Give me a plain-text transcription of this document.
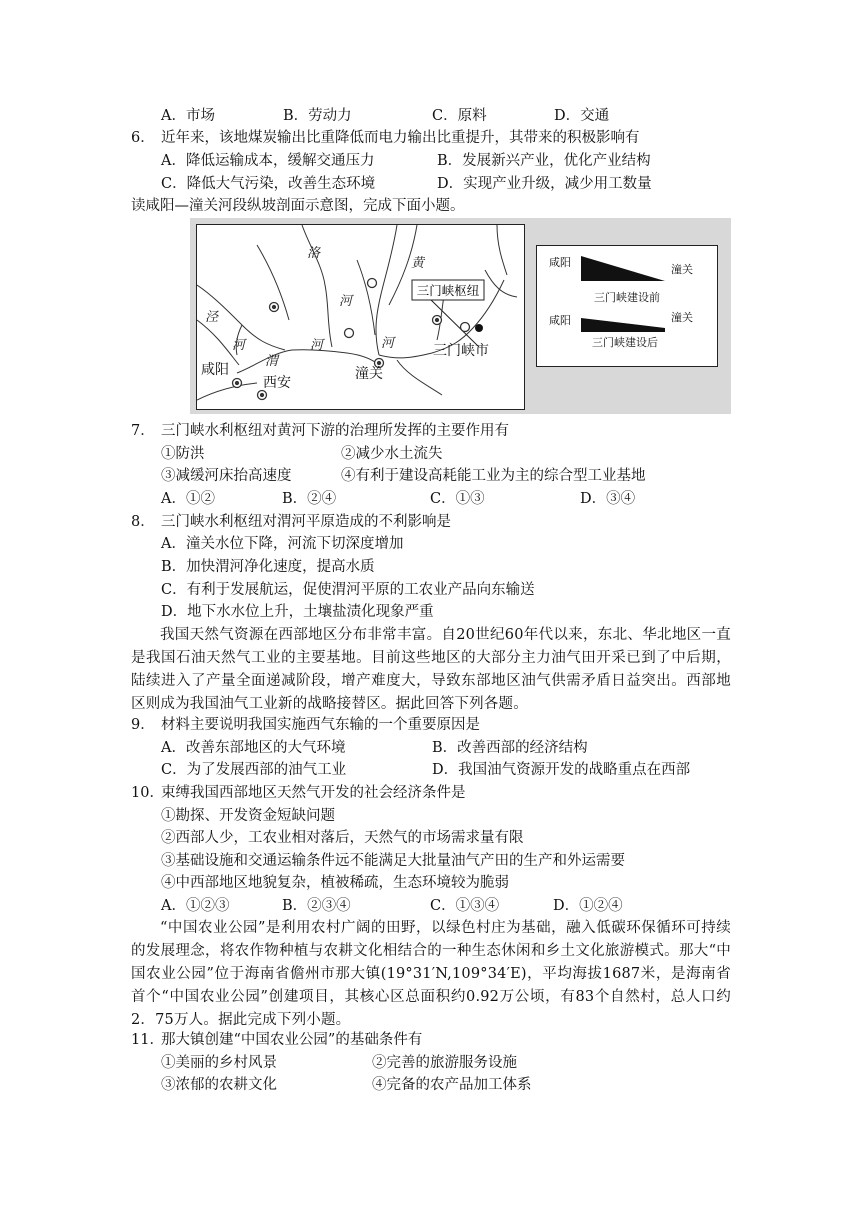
A．市场	B．劳动力	C．原料	D．交通
6． 近年来，该地煤炭输出比重降低而电力输出比重提升，其带来的积极影响有
A．降低运输成本，缓解交通压力	B．发展新兴产业，优化产业结构
C．降低大气污染，改善生态环境	D．实现产业升级，减少用工数量
读咸阳—潼关河段纵坡剖面示意图，完成下面小题。
三门峡枢纽
洛
河
黄
河
泾
河
渭
河
咸阳
西安
潼关
三门峡市
咸阳
潼关
三门峡建设前
咸阳	潼关
三门峡建设后
7． 三门峡水利枢纽对黄河下游的治理所发挥的主要作用有
①防洪	②减少水土流失
③减缓河床抬高速度	④有利于建设高耗能工业为主的综合型工业基地
A．①②	B．②④	C．①③	D．③④
8． 三门峡水利枢纽对渭河平原造成的不利影响是
A．潼关水位下降，河流下切深度增加
B．加快渭河净化速度，提高水质
C．有利于发展航运，促使渭河平原的工农业产品向东输送
D．地下水水位上升，土壤盐渍化现象严重
我国天然气资源在西部地区分布非常丰富。自20世纪60年代以来，东北、华北地区一直是我国石油天然气工业的主要基地。目前这些地区的大部分主力油气田开采已到了中后期，陆续进入了产量全面递减阶段，增产难度大，导致东部地区油气供需矛盾日益突出。西部地区则成为我国油气工业新的战略接替区。据此回答下列各题。
9． 材料主要说明我国实施西气东输的一个重要原因是
A．改善东部地区的大气环境	B．改善西部的经济结构
C．为了发展西部的油气工业	D．我国油气资源开发的战略重点在西部
10．
束缚我国西部地区天然气开发的社会经济条件是
①勘探、开发资金短缺问题
②西部人少，工农业相对落后，天然气的市场需求量有限
③基础设施和交通运输条件远不能满足大批量油气产田的生产和外运需要
④中西部地区地貌复杂，植被稀疏，生态环境较为脆弱
A．①②③	B．②③④	C．①③④	D．①②④
“中国农业公园”是利用农村广阔的田野，以绿色村庄为基础，融入低碳环保循环可持续的发展理念，将农作物种植与农耕文化相结合的一种生态休闲和乡土文化旅游模式。那大“中国农业公园”位于海南省儋州市那大镇(19°31′N,109°34′E)，平均海拔1687米，是海南省首个“中国农业公园”创建项目，其核心区总面积约0.92万公顷，有83个自然村，总人口约2．75万人。据此完成下列小题。
11．
那大镇创建“中国农业公园”的基础条件有
①美丽的乡村风景	②完善的旅游服务设施
③浓郁的农耕文化	④完备的农产品加工体系
